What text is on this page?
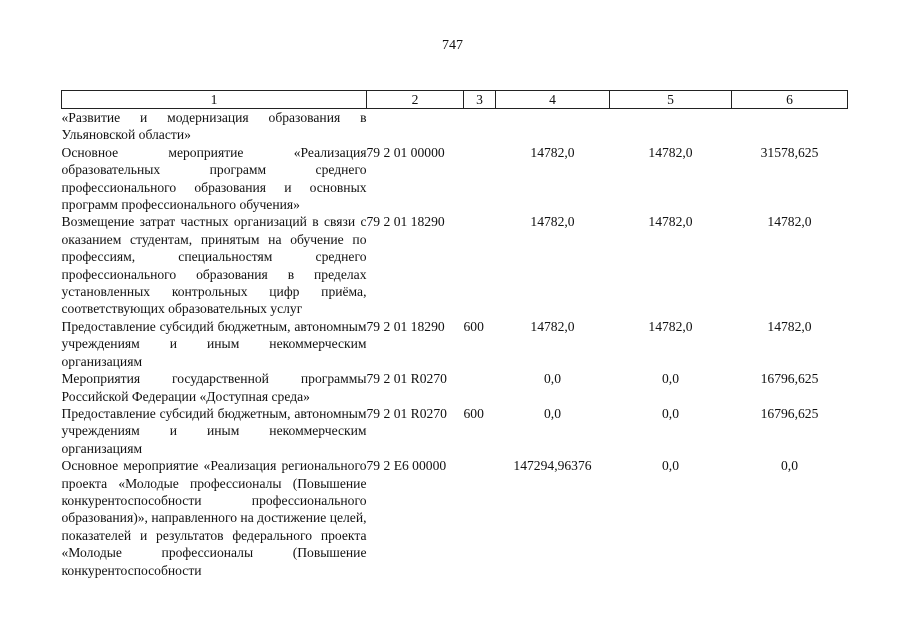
747
1	2	3	4	5	6
«Развитие и модернизация образования в Ульяновской области»					
Основное мероприятие «Реализация образовательных программ среднего профессионального образования и основных программ профессионального обучения»	79 2 01 00000		14782,0	14782,0	31578,625
Возмещение затрат частных организаций в связи с оказанием студентам, принятым на обучение по профессиям, специальностям среднего профессионального образования в пределах установленных контрольных цифр приёма, соответствующих образовательных услуг	79 2 01 18290		14782,0	14782,0	14782,0
Предоставление субсидий бюджетным, автономным учреждениям и иным некоммерческим организациям	79 2 01 18290	600	14782,0	14782,0	14782,0
Мероприятия государственной программы Российской Федерации «Доступная среда»	79 2 01 R0270		0,0	0,0	16796,625
Предоставление субсидий бюджетным, автономным учреждениям и иным некоммерческим организациям	79 2 01 R0270	600	0,0	0,0	16796,625
Основное мероприятие «Реализация регионального проекта «Молодые профессионалы (Повышение конкурентоспособности профессионального образования)», направленного на достижение целей, показателей и результатов федерального проекта «Молодые профессионалы (Повышение конкурентоспособности	79 2 E6 00000		147294,96376	0,0	0,0
